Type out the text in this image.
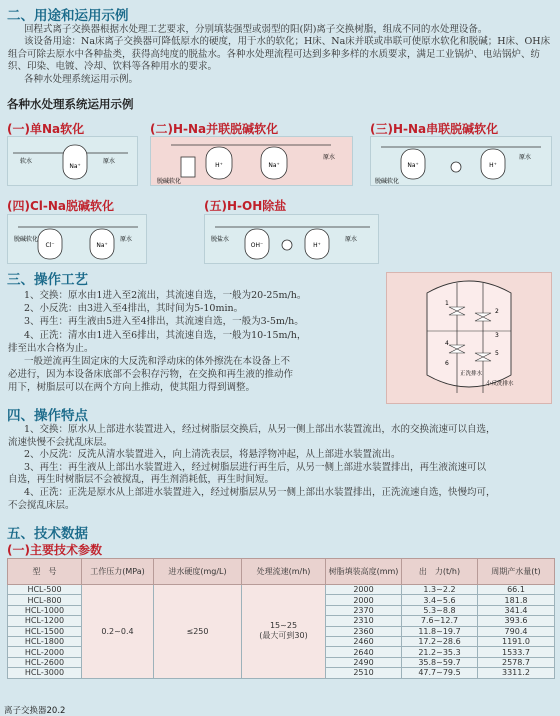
二、用途和运用示例

回程式离子交换器根据水处理工艺要求，分别填装强型或弱型的阳(阴)离子交换树脂，组成不同的水处理设备。

该设备用途：Na床离子交换器可降低原水的硬度，用于水的软化；H床、Na床并联或串联可使原水软化和脱碱；H床、OH床组合可除去原水中各种盐类，获得高纯度的脱盐水。各种水处理流程可达到多种多样的水质要求，满足工业锅炉、电站锅炉、纺织、印染、电镀、冷却、饮料等各种用水的要求。

各种水处理系统运用示例。

各种水处理系统运用示例
(一)单Na软化
Na⁺
软水	原水
(二)H-Na并联脱碱软化
H⁺	Na⁺
脱碱软化
原水
(三)H-Na串联脱碱软化
Na⁺	H⁺
脱碱软化
原水
(四)Cl-Na脱碱软化
Cl⁻	Na⁺
脱碱软化	原水
(五)H-OH除盐
OH⁻	H⁺
脱盐水	原水
三、操作工艺

1、交换：原水由1进入至2流出，其流速自选，一般为20-25m/h。

2、小反洗：由3进入至4排出，其时间为5-10min。

3、再生：再生液由5进入至4排出，其流速自选，一般为3-5m/h。

4、正洗：清水由1进入至6排出，其流速自选，一般为10-15m/h，

排至出水合格为止。

一般逆流再生固定床的大反洗和浮动床的体外擦洗在本设备上不

必进行，因为本设备床底部不会积存污物，在交换和再生液的推动作

用下，树脂层可以在两个方向上推动，使其阻力得到调整。

1
2
3
4
5
6
正洗排水
小反洗排水
四、操作特点

1、交换：原水从上部进水装置进入，经过树脂层交换后，从另一侧上部出水装置流出，水的交换流速可以自选，

流速快慢不会扰乱床层。

2、小反洗：反洗从清水装置进入，向上清洗表层，将悬浮物冲起，从上部进水装置流出。

3、再生：再生液从上部出水装置进入，经过树脂层进行再生后，从另一侧上部进水装置排出，再生液流速可以

自选，再生时树脂层不会被搅乱，再生剂消耗低，再生时间短。

4、正洗：正洗是原水从上部进水装置进入，经过树脂层从另一侧上部出水装置排出，正洗流速自选，快慢均可，

不会搅乱床层。

五、技术数据
(一)主要技术参数
型　号	工作压力(MPa)	进水硬度(mg/L)	处理流速(m/h)	树脂填装高度(mm)	出　力(t/h)	周期产水量(t)
HCL-500	0.2~0.4	≤250	15~25
(最大可到30)	2000	1.3~2.2	66.1
HCL-800				2000	3.4~5.6	181.8
HCL-1000				2370	5.3~8.8	341.4
HCL-1200				2310	7.6~12.7	393.6
HCL-1500				2360	11.8~19.7	790.4
HCL-1800				2460	17.2~28.6	1191.0
HCL-2000				2640	21.2~35.3	1533.7
HCL-2600				2490	35.8~59.7	2578.7
HCL-3000				2510	47.7~79.5	3311.2
离子交换器20.2
